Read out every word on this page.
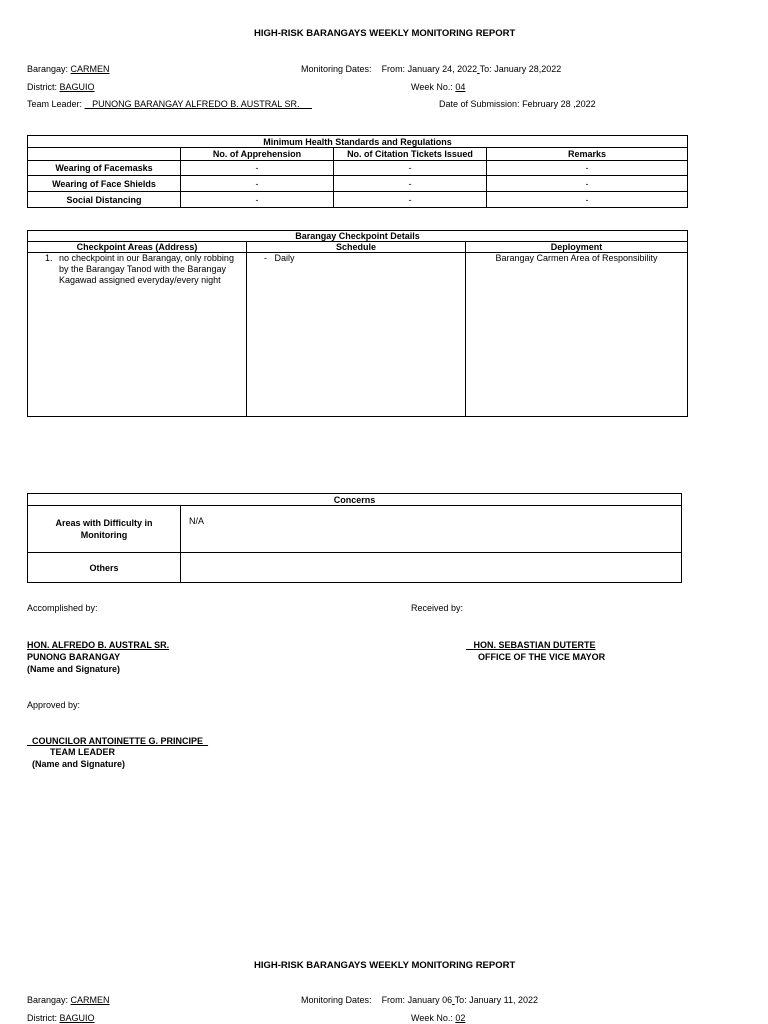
HIGH-RISK BARANGAYS WEEKLY MONITORING REPORT
Barangay: CARMEN	Monitoring Dates: From: January 24, 2022 To: January 28,2022
District: BAGUIO	Week No.: 04
Team Leader: PUNONG BARANGAY ALFREDO B. AUSTRAL SR.	Date of Submission: February 28 ,2022
Minimum Health Standards and Regulations			
	No. of Apprehension	No. of Citation Tickets Issued	Remarks
Wearing of Facemasks	-	-	-
Wearing of Face Shields	-	-	-
Social Distancing	-	-	-
Barangay Checkpoint Details		
Checkpoint Areas (Address)	Schedule	Deployment

1. no checkpoint in our Barangay, only robbing
by the Barangay Tanod with the Barangay
Kagawad assigned everyday/every night	- Daily	Barangay Carmen Area of Responsibility
Concerns	

Areas with Difficulty in
Monitoring	N/A
Others	
Accomplished by:	Received by:
HON. ALFREDO B. AUSTRAL SR.
PUNONG BARANGAY
(Name and Signature)
HON. SEBASTIAN DUTERTE
OFFICE OF THE VICE MAYOR
Approved by:
COUNCILOR ANTOINETTE G. PRINCIPE
TEAM LEADER
(Name and Signature)
HIGH-RISK BARANGAYS WEEKLY MONITORING REPORT
Barangay: CARMEN	Monitoring Dates: From: January 06 To: January 11, 2022
District: BAGUIO	Week No.: 02
